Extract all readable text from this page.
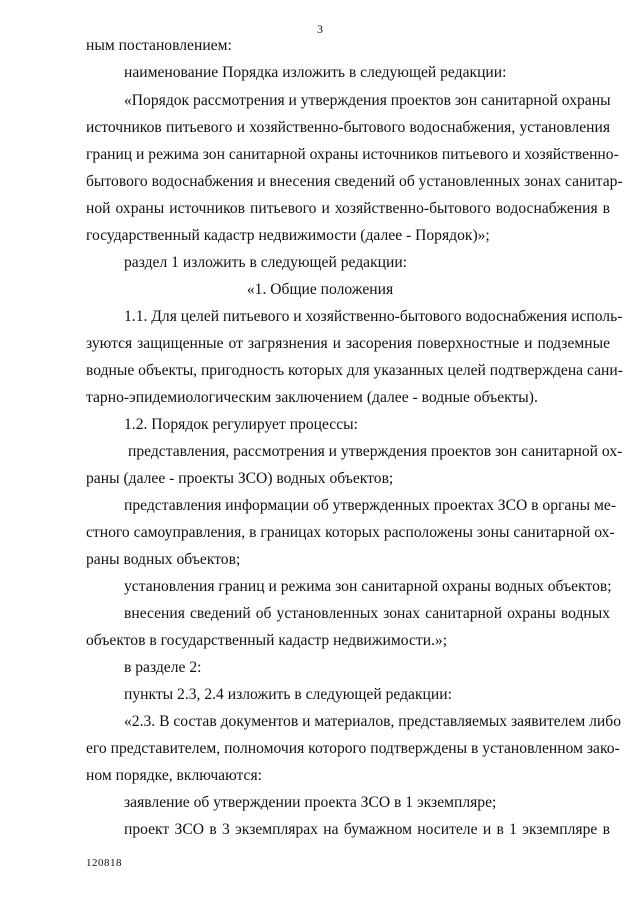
3
ным постановлением:
наименование Порядка изложить в следующей редакции:
«Порядок рассмотрения и утверждения проектов зон санитарной охраны
источников питьевого и хозяйственно-бытового водоснабжения, установления
границ и режима зон санитарной охраны источников питьевого и хозяйственно-
бытового водоснабжения и внесения сведений об установленных зонах санитар-
ной охраны источников питьевого и хозяйственно-бытового водоснабжения в
государственный кадастр недвижимости (далее - Порядок)»;
раздел 1 изложить в следующей редакции:
«1. Общие положения
1.1. Для целей питьевого и хозяйственно-бытового водоснабжения исполь-
зуются защищенные от загрязнения и засорения поверхностные и подземные
водные объекты, пригодность которых для указанных целей подтверждена сани-
тарно-эпидемиологическим заключением (далее - водные объекты).
1.2. Порядок регулирует процессы:
представления, рассмотрения и утверждения проектов зон санитарной ох-
раны (далее - проекты ЗСО) водных объектов;
представления информации об утвержденных проектах ЗСО в органы ме-
стного самоуправления, в границах которых расположены зоны санитарной ох-
раны водных объектов;
установления границ и режима зон санитарной охраны водных объектов;
внесения сведений об установленных зонах санитарной охраны водных
объектов в государственный кадастр недвижимости.»;
в разделе 2:
пункты 2.3, 2.4 изложить в следующей редакции:
«2.3. В состав документов и материалов, представляемых заявителем либо
его представителем, полномочия которого подтверждены в установленном зако-
ном порядке, включаются:
заявление об утверждении проекта ЗСО в 1 экземпляре;
проект ЗСО в 3 экземплярах на бумажном носителе и в 1 экземпляре в
120818
